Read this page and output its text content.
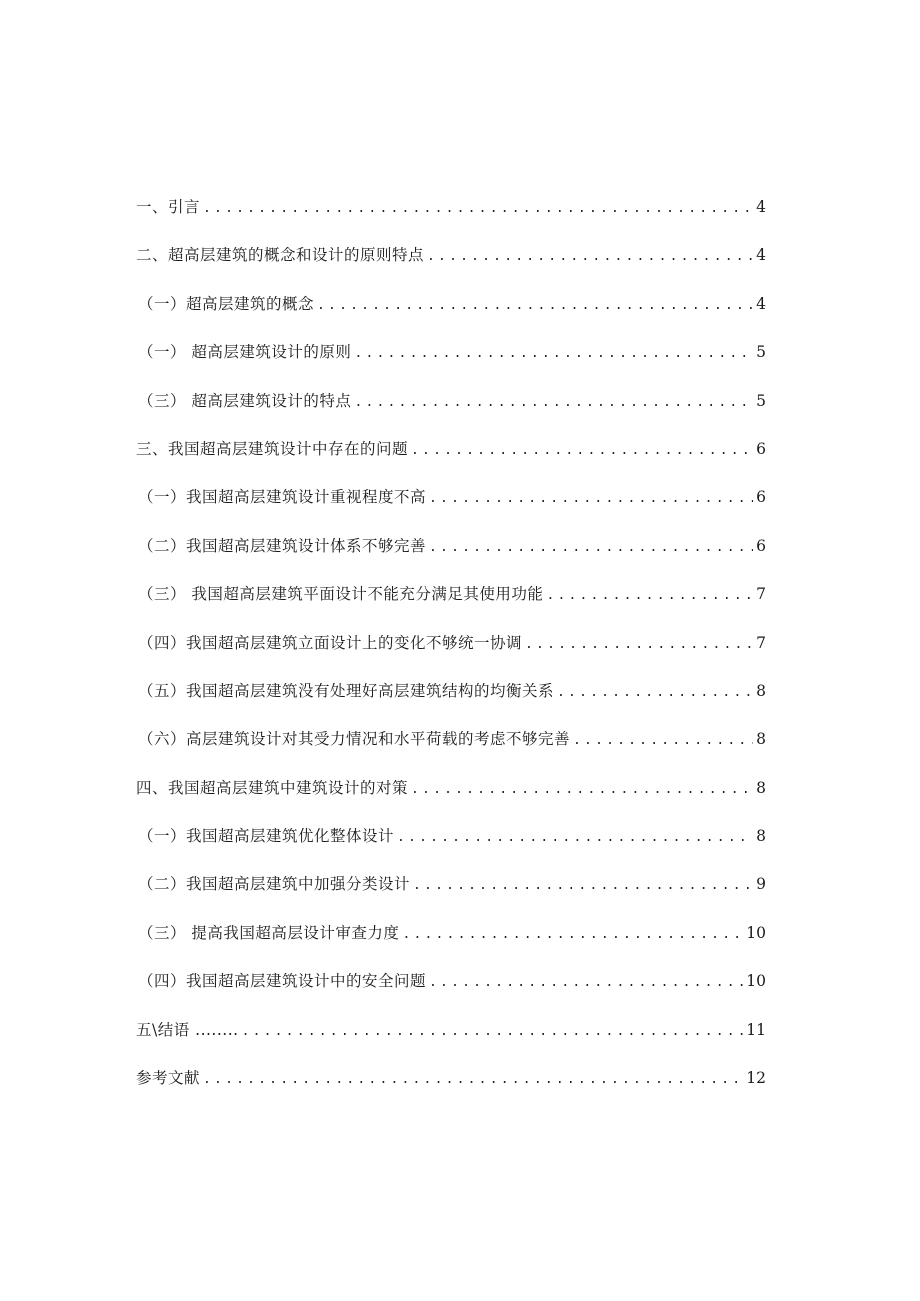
一、引言 .....	4
二、超高层建筑的概念和设计的原则特点 .....	4
（一）超高层建筑的概念 .....	4
（一） 超高层建筑设计的原则 .....	5
（三） 超高层建筑设计的特点 .....	5
三、我国超高层建筑设计中存在的问题 .....	6
（一）我国超高层建筑设计重视程度不高 .....	6
（二）我国超高层建筑设计体系不够完善 .....	6
（三） 我国超高层建筑平面设计不能充分满足其使用功能 .....	7
（四）我国超高层建筑立面设计上的变化不够统一协调 .....	7
（五）我国超高层建筑没有处理好高层建筑结构的均衡关系 .....	8
（六）高层建筑设计对其受力情况和水平荷载的考虑不够完善 .....	8
四、我国超高层建筑中建筑设计的对策 .....	8
（一）我国超高层建筑优化整体设计 .....	8
（二）我国超高层建筑中加强分类设计 .....	9
（三） 提高我国超高层设计审查力度 .....	10
（四）我国超高层建筑设计中的安全问题 .....	10
五\结语 ........ .....	11
参考文献 .....	12
